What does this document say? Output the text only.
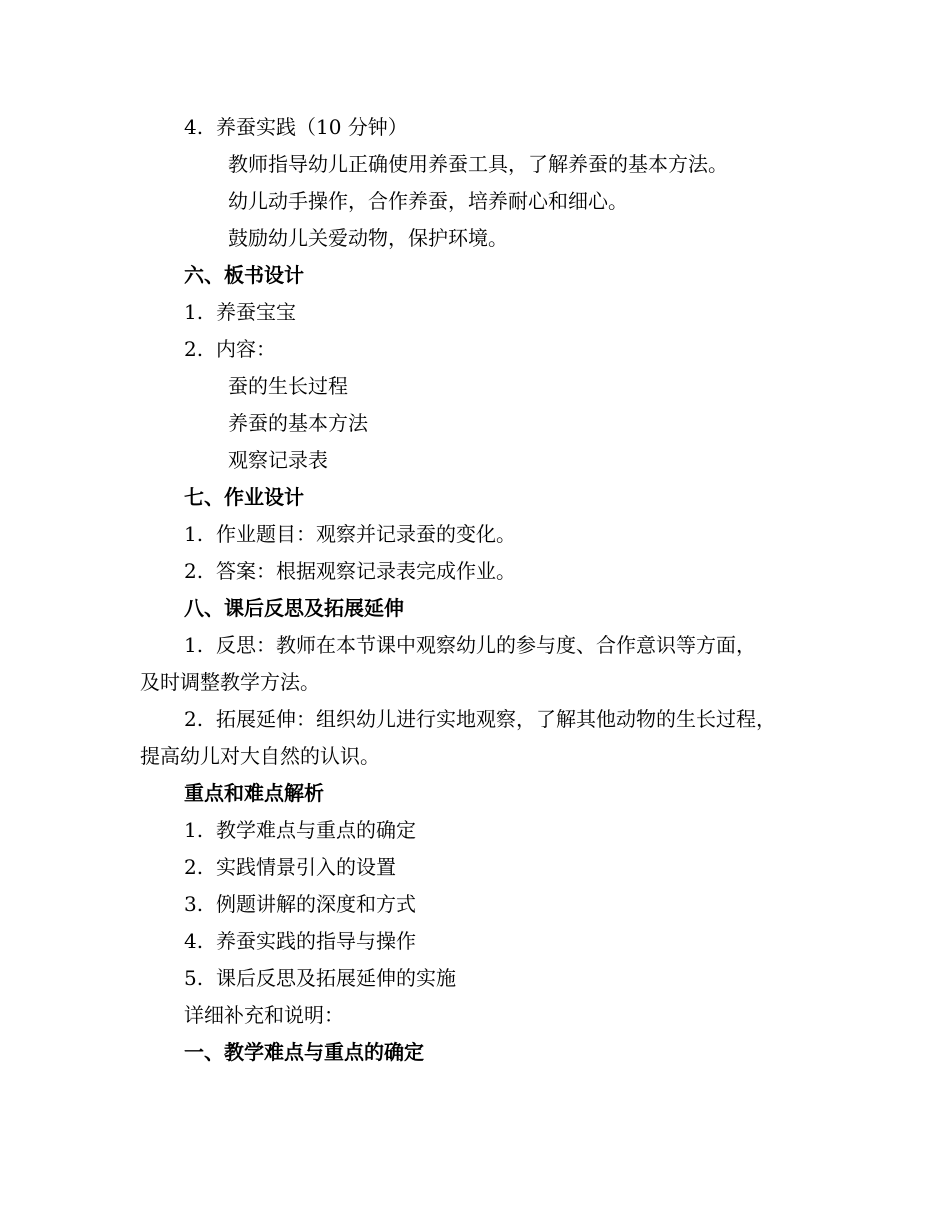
4. 养蚕实践（10 分钟）
教师指导幼儿正确使用养蚕工具，了解养蚕的基本方法。
幼儿动手操作，合作养蚕，培养耐心和细心。
鼓励幼儿关爱动物，保护环境。
六、板书设计
1. 养蚕宝宝
2. 内容：
蚕的生长过程
养蚕的基本方法
观察记录表
七、作业设计
1. 作业题目：观察并记录蚕的变化。
2. 答案：根据观察记录表完成作业。
八、课后反思及拓展延伸
1. 反思：教师在本节课中观察幼儿的参与度、合作意识等方面，
及时调整教学方法。
2. 拓展延伸：组织幼儿进行实地观察，了解其他动物的生长过程，
提高幼儿对大自然的认识。
重点和难点解析
1. 教学难点与重点的确定
2. 实践情景引入的设置
3. 例题讲解的深度和方式
4. 养蚕实践的指导与操作
5. 课后反思及拓展延伸的实施
详细补充和说明：
一、教学难点与重点的确定
